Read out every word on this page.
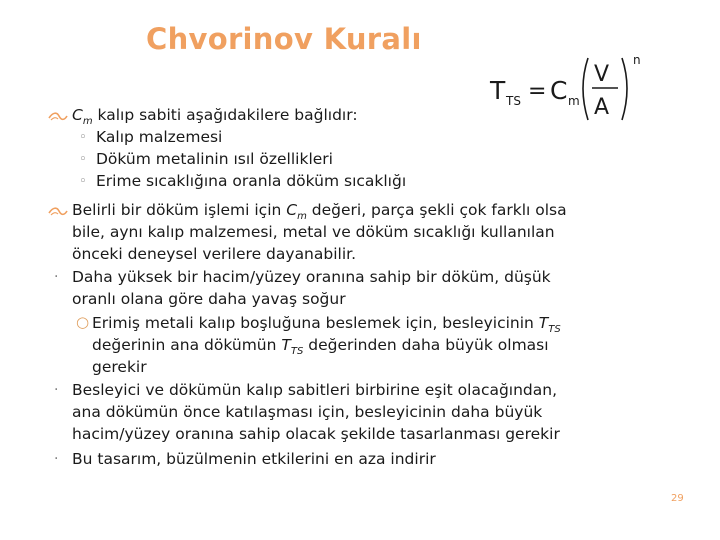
Chvorinov Kuralı
T TS = C m
V
A
n
$C_m$ kalıp sabiti aşağıdakilere bağlıdır:
◦ Kalıp malzemesi
◦ Döküm metalinin ısıl özellikleri
◦ Erime sıcaklığına oranla döküm sıcaklığı
Belirli bir döküm işlemi için $C_m$ değeri, parça şekli çok farklı olsa
bile, aynı kalıp malzemesi, metal ve döküm sıcaklığı kullanılan
önceki deneysel verilere dayanabilir.
· Daha yüksek bir hacim/yüzey oranına sahip bir döküm, düşük
oranlı olana göre daha yavaş soğur
○ Erimiş metali kalıp boşluğuna beslemek için, besleyicinin $T_{TS}$
değerinin ana dökümün $T_{TS}$ değerinden daha büyük olması
gerekir
· Besleyici ve dökümün kalıp sabitleri birbirine eşit olacağından,
ana dökümün önce katılaşması için, besleyicinin daha büyük
hacim/yüzey oranına sahip olacak şekilde tasarlanması gerekir
· Bu tasarım, büzülmenin etkilerini en aza indirir
29
